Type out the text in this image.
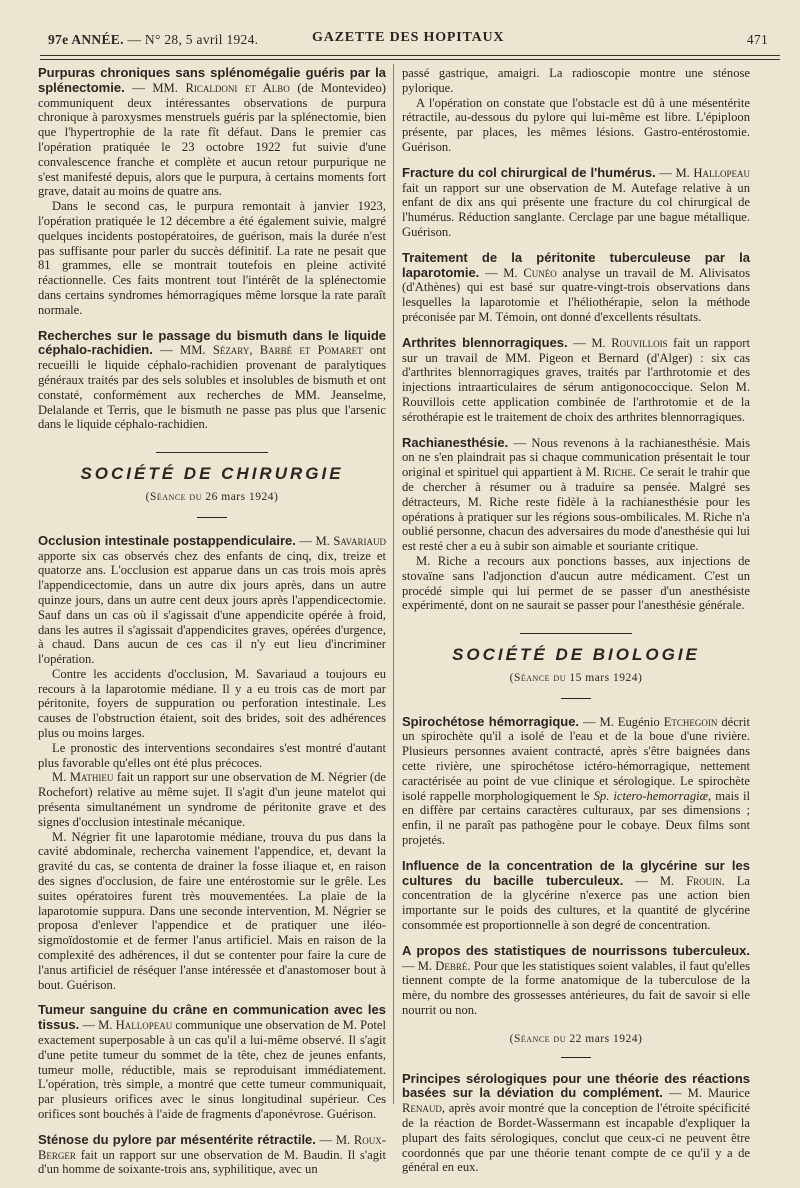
97e ANNÉE. — N° 28, 5 avril 1924.	GAZETTE DES HOPITAUX	471

Purpuras chroniques sans splénomégalie guéris par la splénectomie. — MM. Ricaldoni et Albo (de Montevideo) communiquent deux intéressantes observations de purpura chronique à paroxysmes menstruels guéris par la splénectomie, bien que l'hypertrophie de la rate fît défaut. Dans le premier cas l'opération pratiquée le 23 octobre 1922 fut suivie d'une convalescence franche et complète et aucun retour purpurique ne s'est manifesté depuis, alors que le purpura, à certains moments fort grave, datait au moins de quatre ans.

Dans le second cas, le purpura remontait à janvier 1923, l'opération pratiquée le 12 décembre a été également suivie, malgré quelques incidents postopératoires, de guérison, mais la durée n'est pas suffisante pour parler du succès définitif. La rate ne pesait que 81 grammes, elle se montrait toutefois en pleine activité réactionnelle. Ces faits montrent tout l'intérêt de la splénectomie dans certains syndromes hémorragiques même lorsque la rate paraît normale.

Recherches sur le passage du bismuth dans le liquide céphalo-rachidien. — MM. Sézary, Barbé et Pomaret ont recueilli le liquide céphalo-rachidien provenant de paralytiques généraux traités par des sels solubles et insolubles de bismuth et ont constaté, conformément aux recherches de MM. Jeanselme, Delalande et Terris, que le bismuth ne passe pas plus que l'arsenic dans le liquide céphalo-rachidien.

SOCIÉTÉ DE CHIRURGIE
(Séance du 26 mars 1924)

Occlusion intestinale postappendiculaire. — M. Savariaud apporte six cas observés chez des enfants de cinq, dix, treize et quatorze ans. L'occlusion est apparue dans un cas trois mois après l'appendicectomie, dans un autre dix jours après, dans un autre quinze jours, dans un autre cent deux jours après l'appendicectomie. Sauf dans un cas où il s'agissait d'une appendicite opérée à froid, dans les autres il s'agissait d'appendicites graves, opérées d'urgence, à chaud. Dans aucun de ces cas il n'y eut lieu d'incriminer l'opération.

Contre les accidents d'occlusion, M. Savariaud a toujours eu recours à la laparotomie médiane. Il y a eu trois cas de mort par péritonite, foyers de suppuration ou perforation intestinale. Les causes de l'obstruction étaient, soit des brides, soit des adhérences plus ou moins larges.

Le pronostic des interventions secondaires s'est montré d'autant plus favorable qu'elles ont été plus précoces.

M. Mathieu fait un rapport sur une observation de M. Négrier (de Rochefort) relative au même sujet. Il s'agit d'un jeune matelot qui présenta simultanément un syndrome de péritonite grave et des signes d'occlusion intestinale mécanique.

M. Négrier fit une laparotomie médiane, trouva du pus dans la cavité abdominale, rechercha vainement l'appendice, et, devant la gravité du cas, se contenta de drainer la fosse iliaque et, en raison des signes d'occlusion, de faire une entérostomie sur le grêle. Les suites opératoires furent très mouvementées. La plaie de la laparotomie suppura. Dans une seconde intervention, M. Négrier se proposa d'enlever l'appendice et de pratiquer une iléo-sigmoïdostomie et de fermer l'anus artificiel. Mais en raison de la complexité des adhérences, il dut se contenter pour faire la cure de l'anus artificiel de réséquer l'anse intéressée et d'anastomoser bout à bout. Guérison.

Tumeur sanguine du crâne en communication avec les tissus. — M. Hallopeau communique une observation de M. Potel exactement superposable à un cas qu'il a lui-même observé. Il s'agit d'une petite tumeur du sommet de la tête, chez de jeunes enfants, tumeur molle, réductible, mais se reproduisant immédiatement. L'opération, très simple, a montré que cette tumeur communiquait, par plusieurs orifices avec le sinus longitudinal supérieur. Ces orifices sont bouchés à l'aide de fragments d'aponévrose. Guérison.

Sténose du pylore par mésentérite rétractile. — M. Roux-Berger fait un rapport sur une observation de M. Baudin. Il s'agit d'un homme de soixante-trois ans, syphilitique, avec un

passé gastrique, amaigri. La radioscopie montre une sténose pylorique.

A l'opération on constate que l'obstacle est dû à une mésentérite rétractile, au-dessous du pylore qui lui-même est libre. L'épiploon présente, par places, les mêmes lésions. Gastro-entérostomie. Guérison.

Fracture du col chirurgical de l'humérus. — M. Hallopeau fait un rapport sur une observation de M. Autefage relative à un enfant de dix ans qui présente une fracture du col chirurgical de l'humérus. Réduction sanglante. Cerclage par une bague métallique. Guérison.

Traitement de la péritonite tuberculeuse par la laparotomie. — M. Cunéo analyse un travail de M. Alivisatos (d'Athènes) qui est basé sur quatre-vingt-trois observations dans lesquelles la laparotomie et l'héliothérapie, selon la méthode préconisée par M. Témoin, ont donné d'excellents résultats.

Arthrites blennorragiques. — M. Rouvillois fait un rapport sur un travail de MM. Pigeon et Bernard (d'Alger) : six cas d'arthrites blennorragiques graves, traités par l'arthrotomie et des injections intraarticulaires de sérum antigonococcique. Selon M. Rouvillois cette application combinée de l'arthrotomie et de la sérothérapie est le traitement de choix des arthrites blennorragiques.

Rachianesthésie. — Nous revenons à la rachianesthésie. Mais on ne s'en plaindrait pas si chaque communication présentait le tour original et spirituel qui appartient à M. Riche. Ce serait le trahir que de chercher à résumer ou à traduire sa pensée. Malgré ses détracteurs, M. Riche reste fidèle à la rachianesthésie pour les opérations à pratiquer sur les régions sous-ombilicales. M. Riche n'a oublié personne, chacun des adversaires du mode d'anesthésie qui lui est resté cher a eu à subir son aimable et souriante critique.

M. Riche a recours aux ponctions basses, aux injections de stovaïne sans l'adjonction d'aucun autre médicament. C'est un procédé simple qui lui permet de se passer d'un anesthésiste expérimenté, dont on ne saurait se passer pour l'anesthésie générale.

SOCIÉTÉ DE BIOLOGIE
(Séance du 15 mars 1924)

Spirochétose hémorragique. — M. Eugénio Etchegoin décrit un spirochète qu'il a isolé de l'eau et de la boue d'une rivière. Plusieurs personnes avaient contracté, après s'être baignées dans cette rivière, une spirochétose ictéro-hémorragique, nettement caractérisée au point de vue clinique et sérologique. Le spirochète isolé rappelle morphologiquement le Sp. ictero-hemorragiæ, mais il en diffère par certains caractères culturaux, par ses dimensions ; enfin, il ne paraît pas pathogène pour le cobaye. Deux films sont projetés.

Influence de la concentration de la glycérine sur les cultures du bacille tuberculeux. — M. Frouin. La concentration de la glycérine n'exerce pas une action bien importante sur le poids des cultures, et la quantité de glycérine consommée est proportionnelle à son degré de concentration.

A propos des statistiques de nourrissons tuberculeux. — M. Debré. Pour que les statistiques soient valables, il faut qu'elles tiennent compte de la forme anatomique de la tuberculose de la mère, du nombre des grossesses antérieures, du fait de savoir si elle nourrit ou non.

(Séance du 22 mars 1924)

Principes sérologiques pour une théorie des réactions basées sur la déviation du complément. — M. Maurice Renaud, après avoir montré que la conception de l'étroite spécificité de la réaction de Bordet-Wassermann est incapable d'expliquer la plupart des faits sérologiques, conclut que ceux-ci ne peuvent être coordonnés que par une théorie tenant compte de ce qu'il y a de général en eux.
